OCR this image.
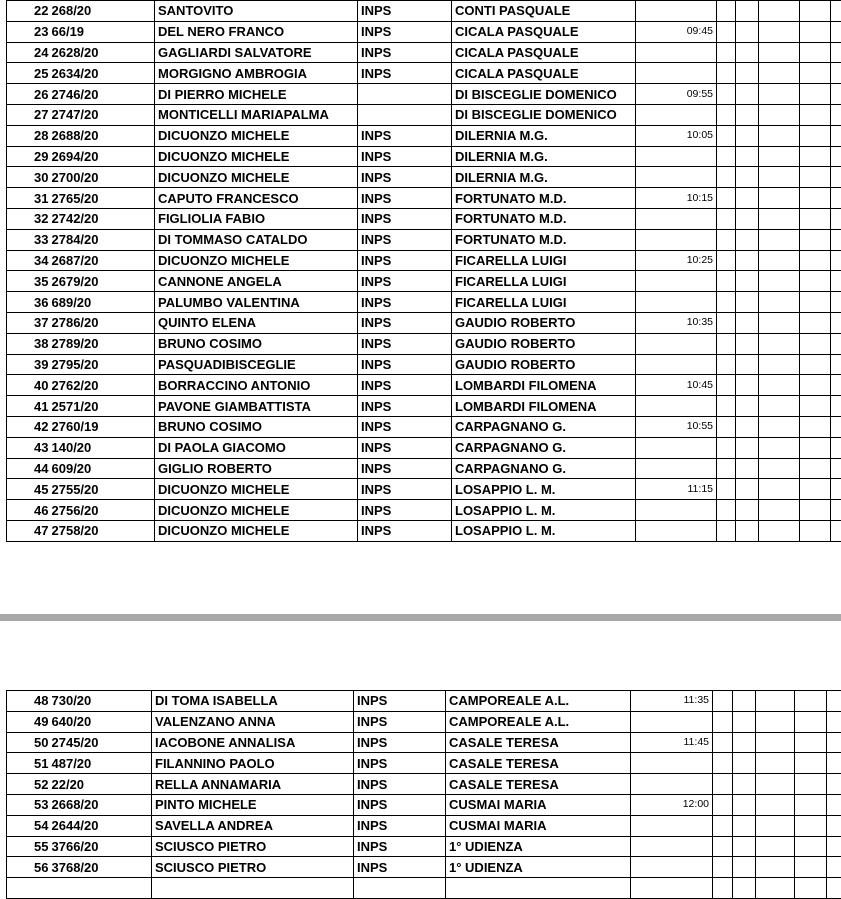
22	268/20	SANTOVITO	INPS	CONTI PASQUALE						
23	66/19	DEL NERO FRANCO	INPS	CICALA PASQUALE	09:45					
24	2628/20	GAGLIARDI SALVATORE	INPS	CICALA PASQUALE						
25	2634/20	MORGIGNO AMBROGIA	INPS	CICALA PASQUALE						
26	2746/20	DI PIERRO MICHELE		DI BISCEGLIE DOMENICO	09:55					
27	2747/20	MONTICELLI MARIAPALMA		DI BISCEGLIE DOMENICO						
28	2688/20	DICUONZO MICHELE	INPS	DILERNIA M.G.	10:05					
29	2694/20	DICUONZO MICHELE	INPS	DILERNIA M.G.						
30	2700/20	DICUONZO MICHELE	INPS	DILERNIA M.G.						
31	2765/20	CAPUTO FRANCESCO	INPS	FORTUNATO M.D.	10:15					
32	2742/20	FIGLIOLIA FABIO	INPS	FORTUNATO M.D.						
33	2784/20	DI TOMMASO CATALDO	INPS	FORTUNATO M.D.						
34	2687/20	DICUONZO MICHELE	INPS	FICARELLA LUIGI	10:25					
35	2679/20	CANNONE ANGELA	INPS	FICARELLA LUIGI						
36	689/20	PALUMBO VALENTINA	INPS	FICARELLA LUIGI						
37	2786/20	QUINTO ELENA	INPS	GAUDIO ROBERTO	10:35					
38	2789/20	BRUNO COSIMO	INPS	GAUDIO ROBERTO						
39	2795/20	PASQUADIBISCEGLIE	INPS	GAUDIO ROBERTO						
40	2762/20	BORRACCINO ANTONIO	INPS	LOMBARDI FILOMENA	10:45					
41	2571/20	PAVONE GIAMBATTISTA	INPS	LOMBARDI FILOMENA						
42	2760/19	BRUNO COSIMO	INPS	CARPAGNANO G.	10:55					
43	140/20	DI PAOLA GIACOMO	INPS	CARPAGNANO G.						
44	609/20	GIGLIO ROBERTO	INPS	CARPAGNANO G.						
45	2755/20	DICUONZO MICHELE	INPS	LOSAPPIO L. M.	11:15					
46	2756/20	DICUONZO MICHELE	INPS	LOSAPPIO L. M.						
47	2758/20	DICUONZO MICHELE	INPS	LOSAPPIO L. M.						
48	730/20	DI TOMA ISABELLA	INPS	CAMPOREALE A.L.	11:35					
49	640/20	VALENZANO ANNA	INPS	CAMPOREALE A.L.						
50	2745/20	IACOBONE ANNALISA	INPS	CASALE TERESA	11:45					
51	487/20	FILANNINO PAOLO	INPS	CASALE TERESA						
52	22/20	RELLA ANNAMARIA	INPS	CASALE TERESA						
53	2668/20	PINTO MICHELE	INPS	CUSMAI MARIA	12:00					
54	2644/20	SAVELLA ANDREA	INPS	CUSMAI MARIA						
55	3766/20	SCIUSCO PIETRO	INPS	1° UDIENZA						
56	3768/20	SCIUSCO PIETRO	INPS	1° UDIENZA						
